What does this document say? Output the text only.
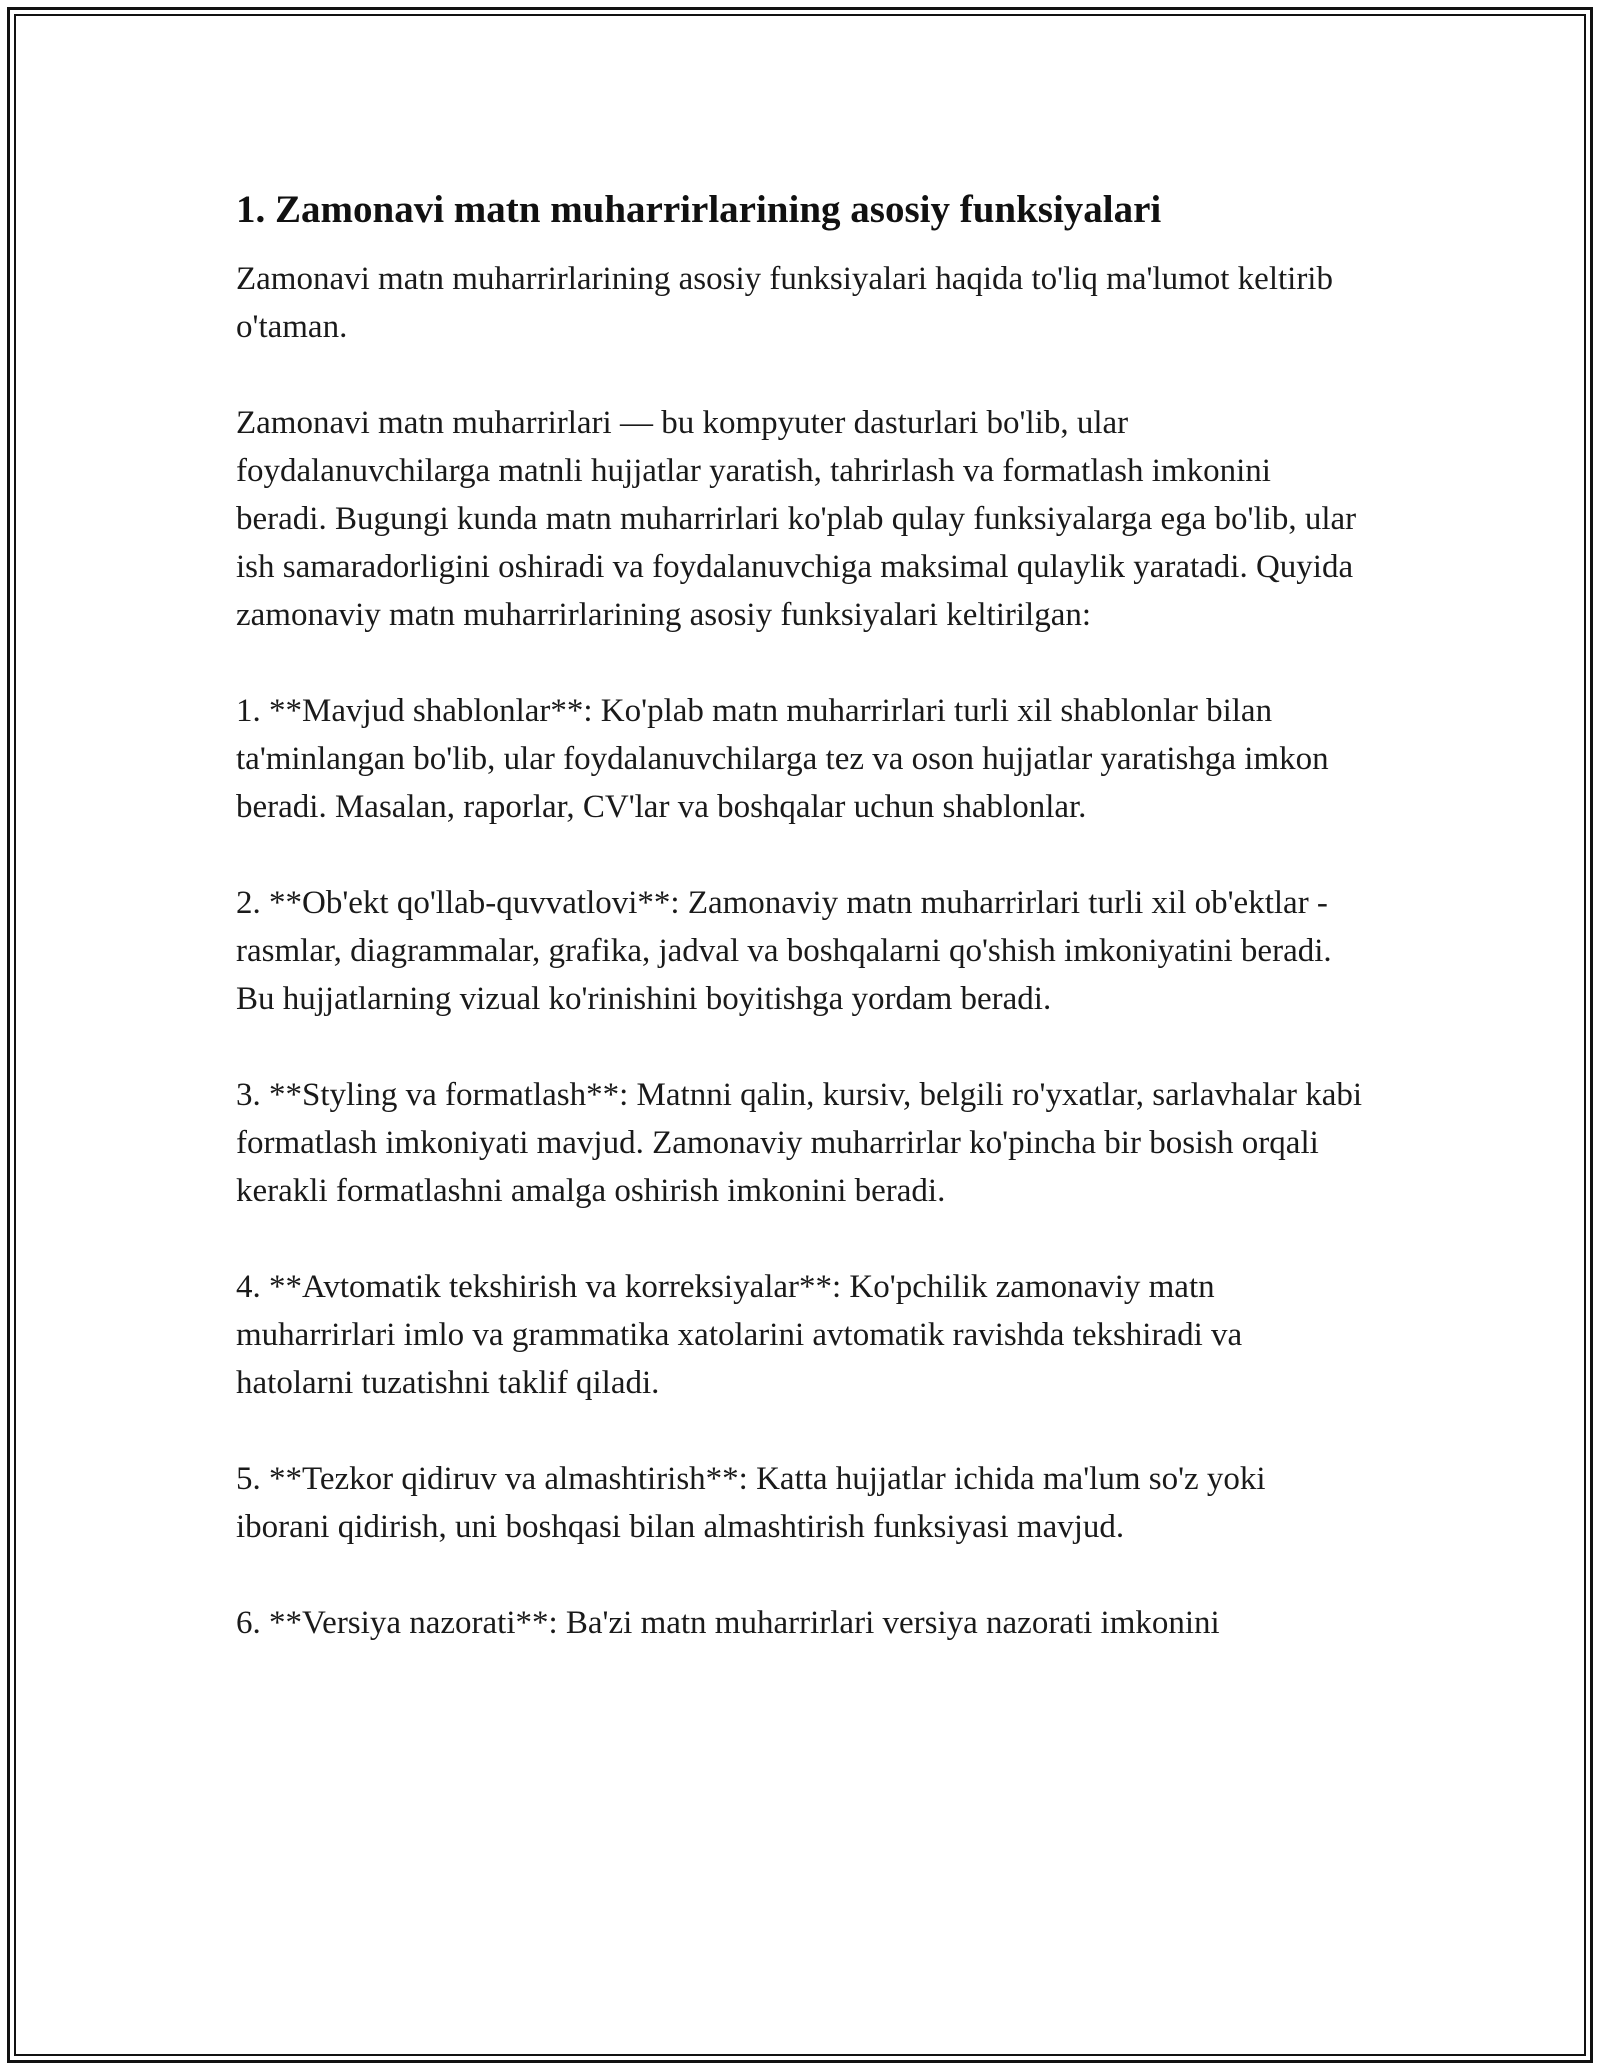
1. Zamonavi matn muharrirlarining asosiy funksiyalari

Zamonavi matn muharrirlarining asosiy funksiyalari haqida to'liq ma'lumot keltirib o'taman.

Zamonavi matn muharrirlari — bu kompyuter dasturlari bo'lib, ular foydalanuvchilarga matnli hujjatlar yaratish, tahrirlash va formatlash imkonini beradi. Bugungi kunda matn muharrirlari ko'plab qulay funksiyalarga ega bo'lib, ular ish samaradorligini oshiradi va foydalanuvchiga maksimal qulaylik yaratadi. Quyida zamonaviy matn muharrirlarining asosiy funksiyalari keltirilgan:

1. **Mavjud shablonlar**: Ko'plab matn muharrirlari turli xil shablonlar bilan ta'minlangan bo'lib, ular foydalanuvchilarga tez va oson hujjatlar yaratishga imkon beradi. Masalan, raporlar, CV'lar va boshqalar uchun shablonlar.

2. **Ob'ekt qo'llab-quvvatlovi**: Zamonaviy matn muharrirlari turli xil ob'ektlar - rasmlar, diagrammalar, grafika, jadval va boshqalarni qo'shish imkoniyatini beradi. Bu hujjatlarning vizual ko'rinishini boyitishga yordam beradi.

3. **Styling va formatlash**: Matnni qalin, kursiv, belgili ro'yxatlar, sarlavhalar kabi formatlash imkoniyati mavjud. Zamonaviy muharrirlar ko'pincha bir bosish orqali kerakli formatlashni amalga oshirish imkonini beradi.

4. **Avtomatik tekshirish va korreksiyalar**: Ko'pchilik zamonaviy matn muharrirlari imlo va grammatika xatolarini avtomatik ravishda tekshiradi va hatolarni tuzatishni taklif qiladi.

5. **Tezkor qidiruv va almashtirish**: Katta hujjatlar ichida ma'lum so'z yoki iborani qidirish, uni boshqasi bilan almashtirish funksiyasi mavjud.

6. **Versiya nazorati**: Ba'zi matn muharrirlari versiya nazorati imkonini
